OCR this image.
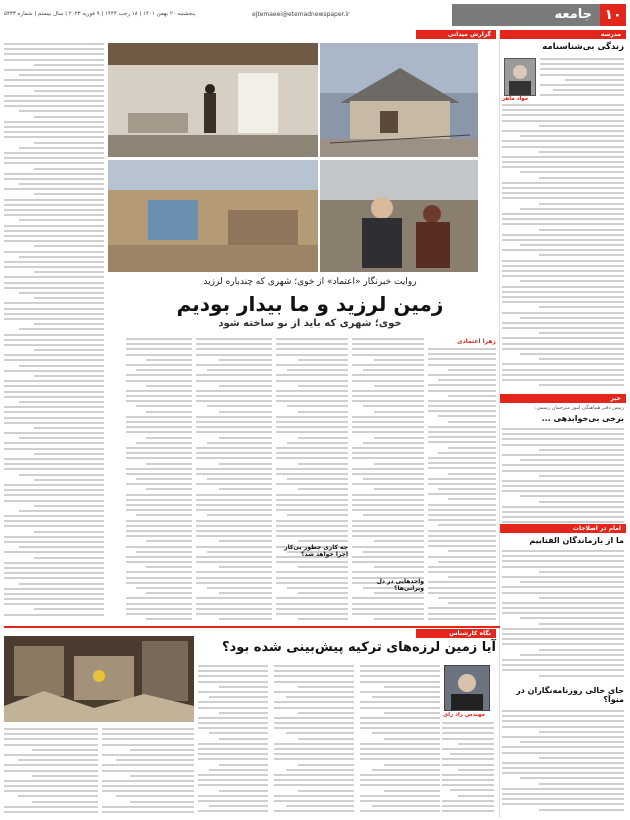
۱۰
جامعه
ejtemaeei@etemadnewspaper.ir
پنجشنبه ۲۰ بهمن ۱۴۰۱ | ۱۸ رجب ۱۴۴۴ | ۹ فوریه ۲۰۲۳ | سال بیستم | شماره ۵۴۳۳
مدرسه
زندگی بی‌شناسنامه
جواد ماهر
خبر
رییس دفتر هماهنگی امور مترجمان رسمی:
برخی بی‌خوابدهی ...
امام در اصلاحات
ما از بازماندگان الفتاییم
جای خالی روزنامه‌نگاران در منوآ؟
گزارش میدانی
روایت خبرنگار «اعتماد» از خوی؛ شهری که چندباره لرزید
زمین لرزید و ما بیدار بودیم
خوی؛ شهری که باید از نو ساخته شود
زهرا اعتمادی
واحدهایی در دل ویرانی‌ها؟
چه کاری چطور بی‌کار اجرا خواهد شد؟
نگاه کارشناس
آیا زمین لرزه‌های ترکیه پیش‌بینی شده بود؟
مهندس راد رای
